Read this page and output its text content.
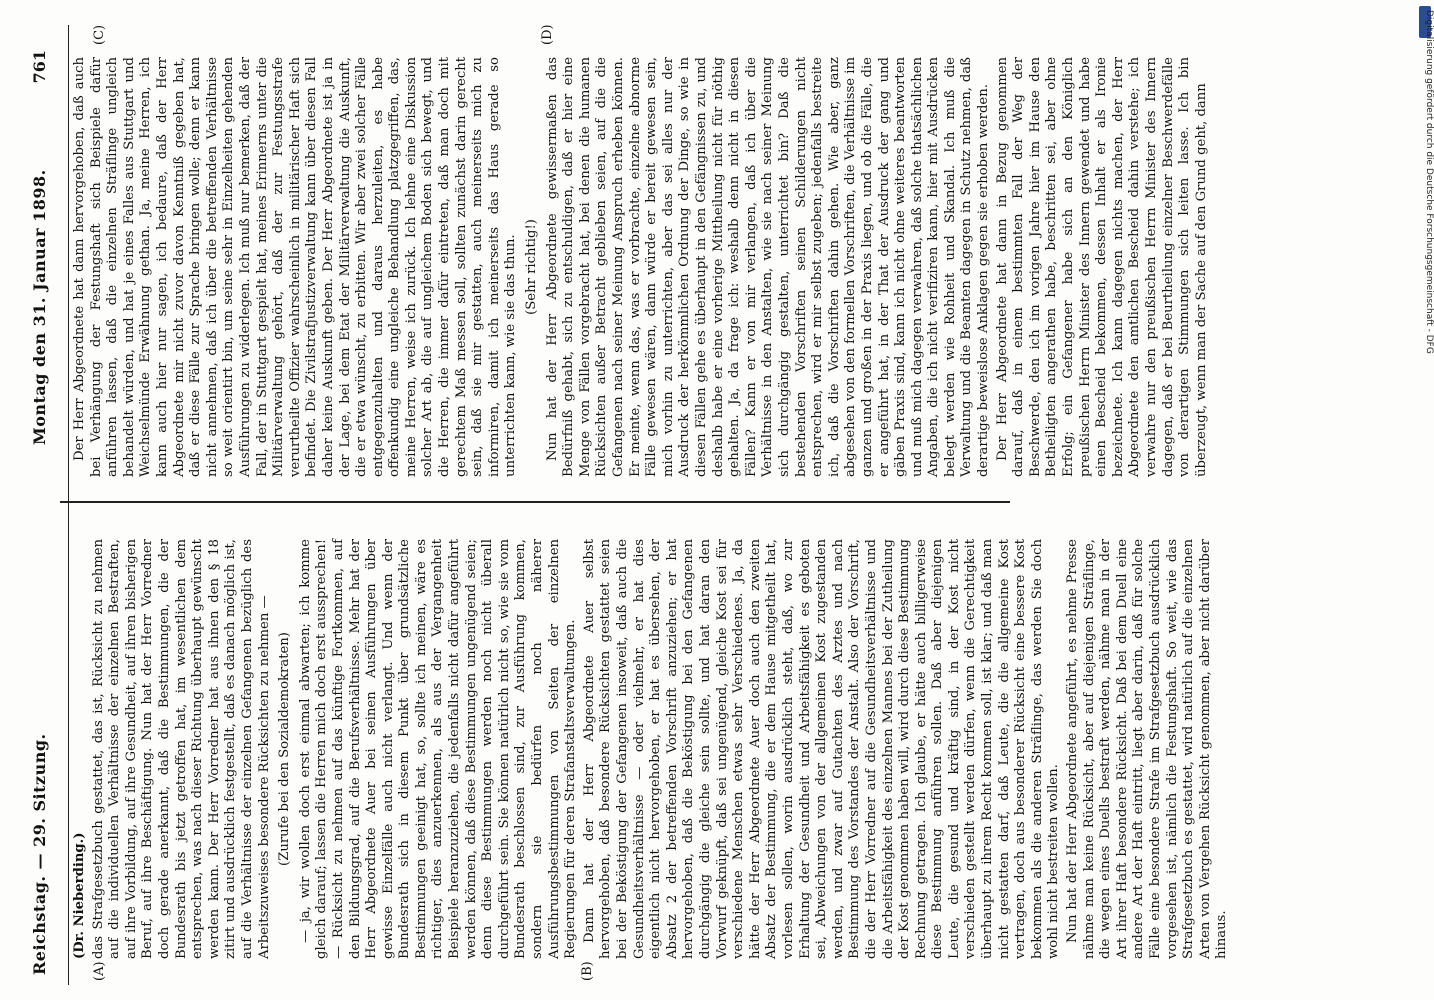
Reichstag. — 29. Sitzung.
Montag den 31. Januar 1898.
761
(A)	(B)
(C)	(D)

(Dr. Nieberding.) das Strafgesetzbuch gestattet, das ist, Rücksicht zu nehmen auf die individuellen Verhältnisse der einzelnen Bestraften, auf ihre Vorbildung, auf ihre Gesundheit, auf ihren bisherigen Beruf, auf ihre Beschäftigung. Nun hat der Herr Vorredner doch gerade anerkannt, daß die Bestimmungen, die der Bundesrath bis jetzt getroffen hat, im wesentlichen dem entsprechen, was nach dieser Richtung überhaupt gewünscht werden kann. Der Herr Vorredner hat aus ihnen den § 18 zitirt und ausdrücklich festgestellt, daß es danach möglich ist, auf die Verhältnisse der einzelnen Gefangenen bezüglich des Arbeitszuweises besondere Rücksichten zu nehmen — (Zurufe bei den Sozialdemokraten) — ja, wir wollen doch erst einmal abwarten; ich komme gleich darauf; lassen die Herren mich doch erst aussprechen! — Rücksicht zu nehmen auf das künftige Fortkommen, auf den Bildungsgrad, auf die Berufsverhältnisse. Mehr hat der Herr Abgeordnete Auer bei seinen Ausführungen über gewisse Einzelfälle auch nicht verlangt. Und wenn der Bundesrath sich in diesem Punkt über grundsätzliche Bestimmungen geeinigt hat, so, sollte ich meinen, wäre es richtiger, dies anzuerkennen, als aus der Vergangenheit Beispiele heranzuziehen, die jedenfalls nicht dafür angeführt werden können, daß diese Bestimmungen ungenügend seien; denn diese Bestimmungen werden noch nicht überall durchgeführt sein. Sie können natürlich nicht so, wie sie vom Bundesrath beschlossen sind, zur Ausführung kommen, sondern sie bedürfen noch näherer Ausführungsbestimmungen von Seiten der einzelnen Regierungen für deren Strafanstaltsverwaltungen. Dann hat der Herr Abgeordnete Auer selbst hervorgehoben, daß besondere Rücksichten gestattet seien bei der Beköstigung der Gefangenen insoweit, daß auch die Gesundheitsverhältnisse — oder vielmehr, er hat dies eigentlich nicht hervorgehoben, er hat es übersehen, der Absatz 2 der betreffenden Vorschrift anzuziehen; er hat hervorgehoben, daß die Beköstigung bei den Gefangenen durchgängig die gleiche sein sollte, und hat daran den Vorwurf geknüpft, daß sei ungenügend, gleiche Kost sei für verschiedene Menschen etwas sehr Verschiedenes. Ja, da hätte der Herr Abgeordnete Auer doch auch den zweiten Absatz der Bestimmung, die er dem Hause mitgetheilt hat, vorlesen sollen, worin ausdrücklich steht, daß, wo zur Erhaltung der Gesundheit und Arbeitsfähigkeit es geboten sei, Abweichungen von der allgemeinen Kost zugestanden werden, und zwar auf Gutachten des Arztes und nach Bestimmung des Vorstandes der Anstalt. Also der Vorschrift, die der Herr Vorredner auf die Gesundheitsverhältnisse und die Arbeitsfähigkeit des einzelnen Mannes bei der Zutheilung der Kost genommen haben will, wird durch diese Bestimmung Rechnung getragen. Ich glaube, er hätte auch billigerweise diese Bestimmung anführen sollen. Daß aber diejenigen Leute, die gesund und kräftig sind, in der Kost nicht verschieden gestellt werden dürfen, wenn die Gerechtigkeit überhaupt zu ihrem Recht kommen soll, ist klar; und daß man nicht gestatten darf, daß Leute, die die allgemeine Kost vertragen, doch aus besonderer Rücksicht eine bessere Kost bekommen als die anderen Sträflinge, das werden Sie doch wohl nicht bestreiten wollen. Nun hat der Herr Abgeordnete angeführt, es nehme Presse nähme man keine Rücksicht, aber auf diejenigen Sträflinge, die wegen eines Duells bestraft werden, nähme man in der Art ihrer Haft besondere Rücksicht. Daß bei dem Duell eine andere Art der Haft eintritt, liegt aber darin, daß für solche Fälle eine besondere Strafe im Strafgesetzbuch ausdrücklich vorgesehen ist, nämlich die Festungshaft. So weit, wie das Strafgesetzbuch es gestattet, wird natürlich auf die einzelnen Arten von Vergehen Rücksicht genommen, aber nicht darüber hinaus.

Der Herr Abgeordnete hat dann hervorgehoben, daß auch bei Verhängung der Festungshaft sich Beispiele dafür anführen lassen, daß die einzelnen Sträflinge ungleich behandelt würden, und hat je eines Falles aus Stuttgart und Weichselmünde Erwähnung gethan. Ja, meine Herren, ich kann auch hier nur sagen, ich bedaure, daß der Herr Abgeordnete mir nicht zuvor davon Kenntniß gegeben hat, daß er diese Fälle zur Sprache bringen wolle; denn er kann nicht annehmen, daß ich über die betreffenden Verhältnisse so weit orientirt bin, um seine sehr in Einzelheiten gehenden Ausführungen zu widerlegen. Ich muß nur bemerken, daß der Fall, der in Stuttgart gespielt hat, meines Erinnerns unter die Militärverwaltung gehört, daß der zur Festungsstrafe verurtheilte Offizier wahrscheinlich in militärischer Haft sich befindet. Die Zivilstrafjustizverwaltung kann über diesen Fall daher keine Auskunft geben. Der Herr Abgeordnete ist ja in der Lage, bei dem Etat der Militärverwaltung die Auskunft, die er etwa wünscht, zu erbitten. Wir aber zwei solcher Fälle entgegenzuhalten und daraus herzuleiten, es habe offenkundig eine ungleiche Behandlung platzgegriffen, das, meine Herren, weise ich zurück. Ich lehne eine Diskussion solcher Art ab, die auf ungleichem Boden sich bewegt, und die Herren, die immer dafür eintreten, daß man doch mit gerechtem Maß messen soll, sollten zunächst darin gerecht sein, daß sie mir gestatten, auch meinerseits mich zu informiren, damit ich meinerseits das Haus gerade so unterrichten kann, wie sie das thun. (Sehr richtig!) Nun hat der Herr Abgeordnete gewissermaßen das Bedürfniß gehabt, sich zu entschuldigen, daß er hier eine Menge von Fällen vorgebracht hat, bei denen die humanen Rücksichten außer Betracht geblieben seien, auf die die Gefangenen nach seiner Meinung Anspruch erheben können. Er meinte, wenn das, was er vorbrachte, einzelne abnorme Fälle gewesen wären, dann würde er bereit gewesen sein, mich vorhin zu unterrichten, aber das sei alles nur der Ausdruck der herkömmlichen Ordnung der Dinge, so wie in diesen Fällen gehe es überhaupt in den Gefängnissen zu, und deshalb habe er eine vorherige Mittheilung nicht für nöthig gehalten. Ja, da frage ich: weshalb denn nicht in diesen Fällen? Kann er von mir verlangen, daß ich über die Verhältnisse in den Anstalten, wie sie nach seiner Meinung sich durchgängig gestalten, unterrichtet bin? Daß die bestehenden Vorschriften seinen Schilderungen nicht entsprechen, wird er mir selbst zugeben; jedenfalls bestreite ich, daß die Vorschriften dahin gehen. Wie aber, ganz abgesehen von den formellen Vorschriften, die Verhältnisse im ganzen und großen in der Praxis liegen, und ob die Fälle, die er angeführt hat, in der That der Ausdruck der gang und gäben Praxis sind, kann ich nicht ohne weiteres beantworten und muß mich dagegen verwahren, daß solche thatsächlichen Angaben, die ich nicht verifiziren kann, hier mit Ausdrücken belegt werden wie Rohheit und Skandal. Ich muß die Verwaltung und die Beamten dagegen in Schutz nehmen, daß derartige beweislose Anklagen gegen sie erhoben werden. Der Herr Abgeordnete hat dann in Bezug genommen darauf, daß in einem bestimmten Fall der Weg der Beschwerde, den ich im vorigen Jahre hier im Hause den Betheiligten angerathen habe, beschritten sei, aber ohne Erfolg; ein Gefangener habe sich an den Königlich preußischen Herrn Minister des Innern gewendet und habe einen Bescheid bekommen, dessen Inhalt er als Ironie bezeichnete. Ich kann dagegen nichts machen, der Herr Abgeordnete den amtlichen Bescheid dahin verstehe; ich verwahre nur den preußischen Herrn Minister des Innern dagegen, daß er bei Beurtheilung einzelner Beschwerdefälle von derartigen Stimmungen sich leiten lasse. Ich bin überzeugt, wenn man der Sache auf den Grund geht, dann	Digitalisierung gefördert durch die Deutsche Forschungsgemeinschaft - DFG
